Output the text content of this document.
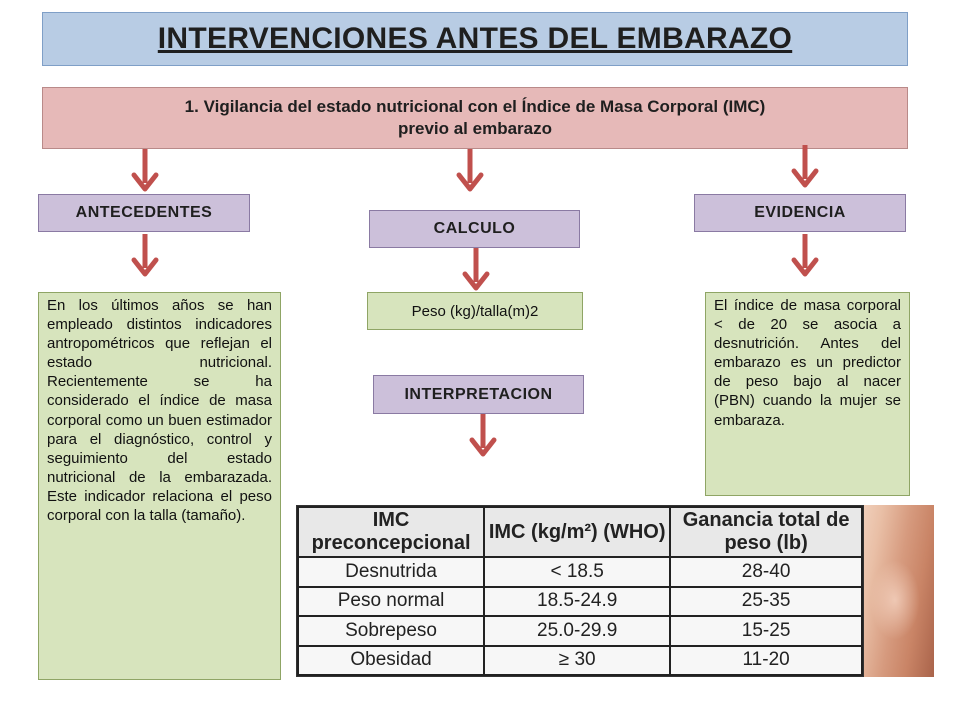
INTERVENCIONES ANTES DEL EMBARAZO
1. Vigilancia del estado nutricional con el Índice de Masa Corporal (IMC)
previo al embarazo
ANTECEDENTES
CALCULO
EVIDENCIA
INTERPRETACION
Peso (kg)/talla(m)2
En los últimos años se han empleado distintos indicadores antropométricos que reflejan el estado nutricional. Recientemente se ha considerado el índice de masa corporal como un buen estimador para el diagnóstico, control y seguimiento del estado nutricional de la embarazada. Este indicador relaciona el peso corporal con la talla (tamaño).
El índice de masa corporal < de 20 se asocia a desnutrición. Antes del embarazo es un predictor de peso bajo al nacer (PBN) cuando la mujer se embaraza.
IMC preconcepcional	IMC (kg/m²) (WHO)	Ganancia total de peso (lb)
Desnutrida	< 18.5	28-40
Peso normal	18.5-24.9	25-35
Sobrepeso	25.0-29.9	15-25
Obesidad	≥ 30	11-20
